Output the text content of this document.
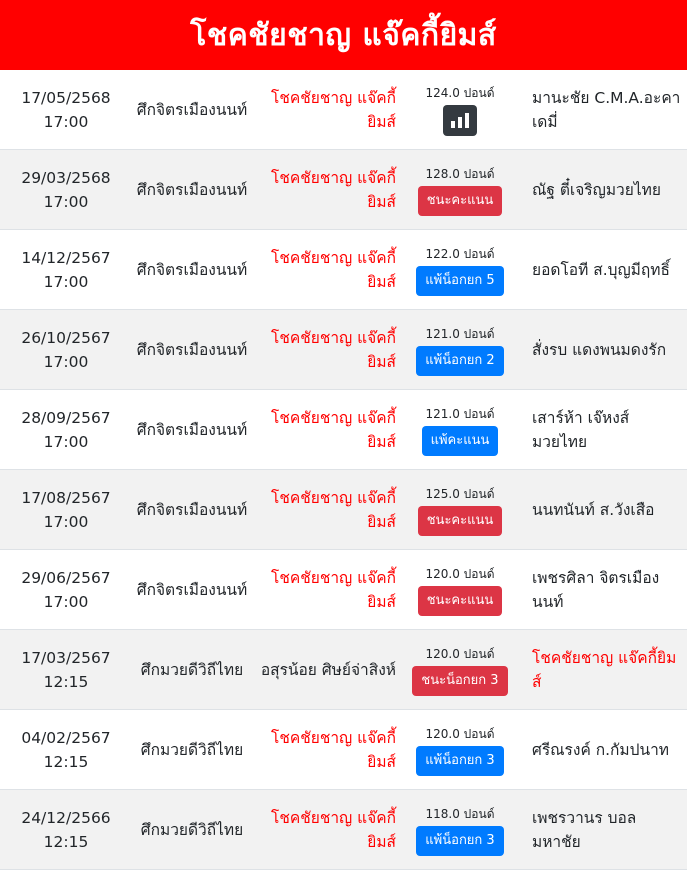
โชคชัยชาญ แจ๊คกี้ยิมส์
17/05/2568
17:00
ศึกจิตรเมืองนนท์
โชคชัยชาญ แจ๊คกี้ยิมส์
124.0 ปอนด์	มานะชัย C.M.A.อะคาเดมี่
29/03/2568
17:00
ศึกจิตรเมืองนนท์
โชคชัยชาญ แจ๊คกี้ยิมส์
128.0 ปอนด์
ชนะคะแนน
ณัฐ ตี๋เจริญมวยไทย
14/12/2567
17:00
ศึกจิตรเมืองนนท์
โชคชัยชาญ แจ๊คกี้ยิมส์
122.0 ปอนด์
แพ้น็อกยก 5
ยอดโอที ส.บุญมีฤทธิ์
26/10/2567
17:00
ศึกจิตรเมืองนนท์
โชคชัยชาญ แจ๊คกี้ยิมส์
121.0 ปอนด์
แพ้น็อกยก 2
สั่งรบ แดงพนมดงรัก
28/09/2567
17:00
ศึกจิตรเมืองนนท์
โชคชัยชาญ แจ๊คกี้ยิมส์
121.0 ปอนด์
แพ้คะแนน
เสาร์ห้า เจ๊หงส์มวยไทย
17/08/2567
17:00
ศึกจิตรเมืองนนท์
โชคชัยชาญ แจ๊คกี้ยิมส์
125.0 ปอนด์
ชนะคะแนน
นนทนันท์ ส.วังเสือ
29/06/2567
17:00
ศึกจิตรเมืองนนท์
โชคชัยชาญ แจ๊คกี้ยิมส์
120.0 ปอนด์
ชนะคะแนน
เพชรศิลา จิตรเมืองนนท์
17/03/2567
12:15
ศึกมวยดีวิถีไทย	อสุรน้อย ศิษย์จ่าสิงห์
120.0 ปอนด์
ชนะน็อกยก 3
โชคชัยชาญ แจ๊คกี้ยิมส์
04/02/2567
12:15
ศึกมวยดีวิถีไทย
โชคชัยชาญ แจ๊คกี้ยิมส์
120.0 ปอนด์
แพ้น็อกยก 3
ศรีณรงค์ ก.กัมปนาท
24/12/2566
12:15
ศึกมวยดีวิถีไทย
โชคชัยชาญ แจ๊คกี้ยิมส์
118.0 ปอนด์
แพ้น็อกยก 3
เพชรวานร บอลมหาชัย
